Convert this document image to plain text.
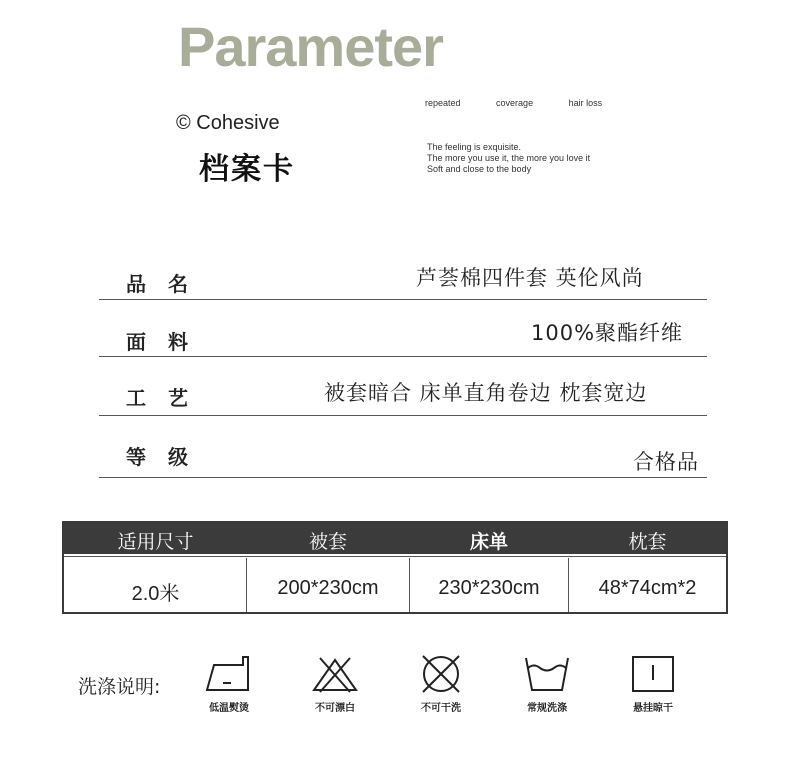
Parameter
© Cohesive
档案卡
repeated	coverage	hair loss
The feeling is exquisite.
The more you use it, the more you love it
Soft and close to the body
品名	芦荟棉四件套 英伦风尚
面料	100%聚酯纤维
工艺	被套暗合 床单直角卷边 枕套宽边
等级	合格品
适用尺寸	被套	床单	枕套
2.0米	200*230cm	230*230cm	48*74cm*2
洗涤说明:
低温熨烫	不可漂白	不可干洗	常规洗涤	悬挂晾干
